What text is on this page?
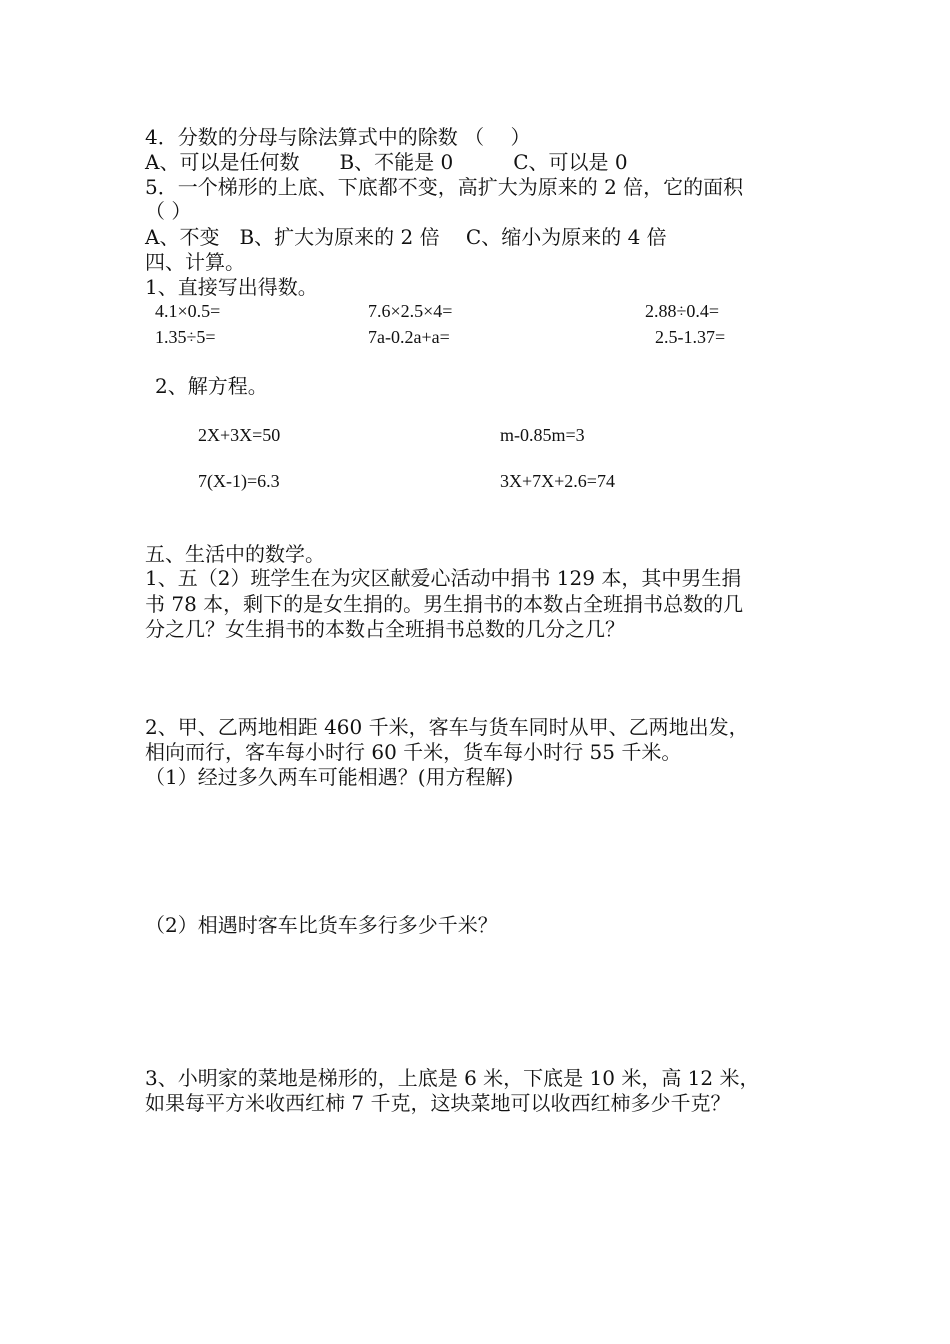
4．分数的分母与除法算式中的除数 （　 ）
A、可以是任何数　　B、不能是 0　　　C、可以是 0
5．一个梯形的上底、下底都不变，高扩大为原来的 2 倍，它的面积
（ ）
A、不变　B、扩大为原来的 2 倍　 C、缩小为原来的 4 倍
四、计算。
1、直接写出得数。
4.1×0.5=	7.6×2.5×4=	2.88÷0.4=
1.35÷5=	7a-0.2a+a=	2.5-1.37=
2、解方程。
2X+3X=50	m-0.85m=3
7(X-1)=6.3	3X+7X+2.6=74
五、生活中的数学。
1、五（2）班学生在为灾区献爱心活动中捐书 129 本，其中男生捐
书 78 本，剩下的是女生捐的。男生捐书的本数占全班捐书总数的几
分之几？女生捐书的本数占全班捐书总数的几分之几？
2、甲、乙两地相距 460 千米，客车与货车同时从甲、乙两地出发，
相向而行，客车每小时行 60 千米，货车每小时行 55 千米。
（1）经过多久两车可能相遇？(用方程解)
（2）相遇时客车比货车多行多少千米？
3、小明家的菜地是梯形的，上底是 6 米，下底是 10 米，高 12 米，
如果每平方米收西红柿 7 千克，这块菜地可以收西红柿多少千克？
